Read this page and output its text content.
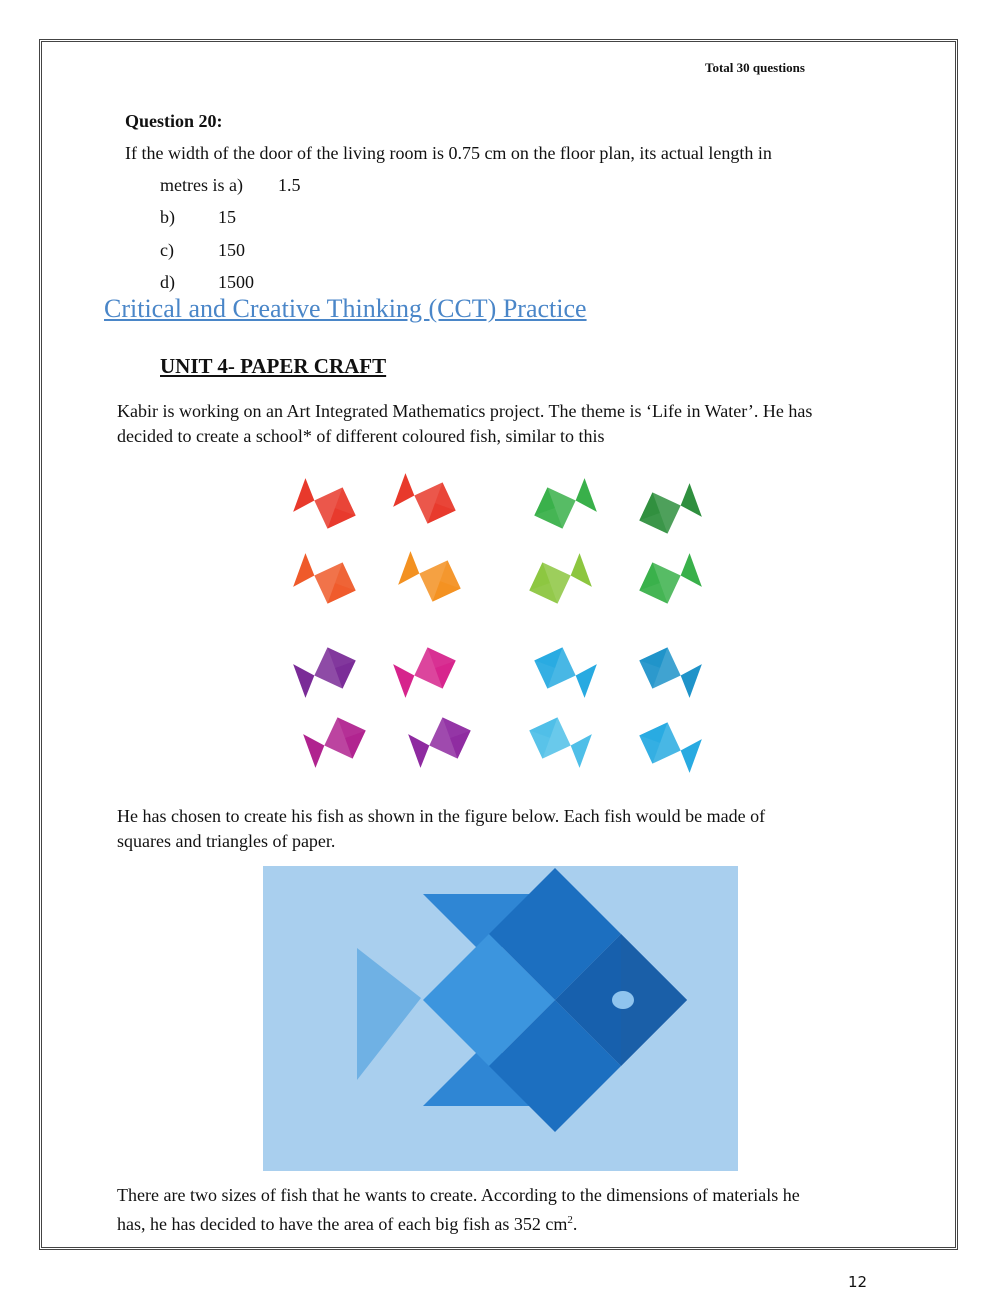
Total 30 questions

Question 20:

If the width of the door of the living room is 0.75 cm on the floor plan, its actual length in

metres is a) 1.5

b) 15

c) 150

d) 1500

Critical and Creative Thinking (CCT) Practice

UNIT 4- PAPER CRAFT

Kabir is working on an Art Integrated Mathematics project. The theme is ‘Life in Water’. He has
decided to create a school* of different coloured fish, similar to this

He has chosen to create his fish as shown in the figure below. Each fish would be made of
squares and triangles of paper.

There are two sizes of fish that he wants to create. According to the dimensions of materials he
has, he has decided to have the area of each big fish as 352 $cm^2$.

12
